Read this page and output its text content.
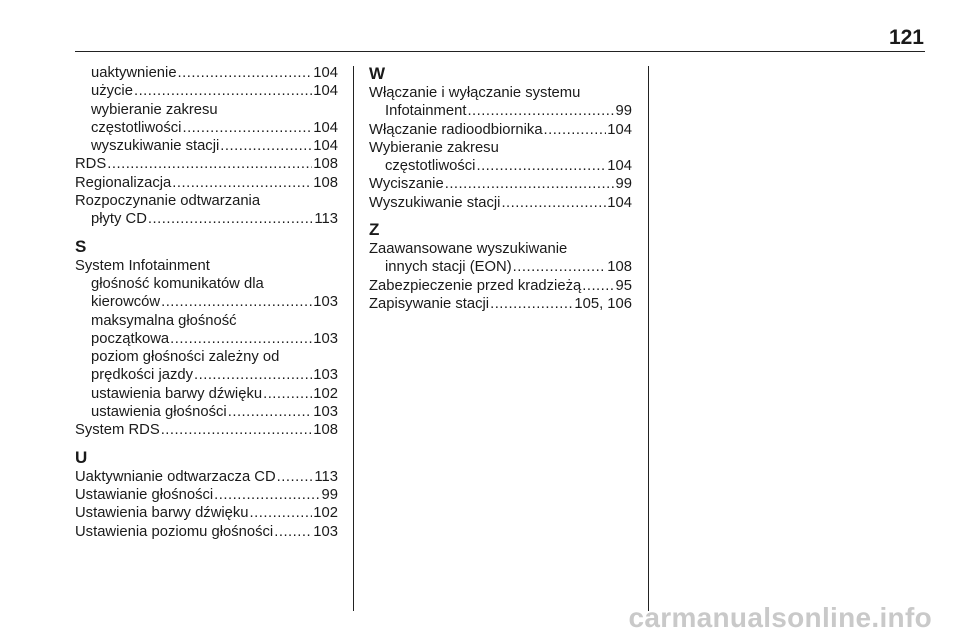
121
uaktywnienie .....	104
użycie .....	104
wybieranie zakresu
częstotliwości .....	104
wyszukiwanie stacji .....	104
RDS .....	108
Regionalizacja .....	108
Rozpoczynanie odtwarzania
płyty CD .....	113
S
System Infotainment
głośność komunikatów dla
kierowców .....	103
maksymalna głośność
początkowa .....	103
poziom głośności zależny od
prędkości jazdy .....	103
ustawienia barwy dźwięku .....	102
ustawienia głośności .....	103
System RDS .....	108
U
Uaktywnianie odtwarzacza CD .....	113
Ustawianie głośności .....	99
Ustawienia barwy dźwięku .....	102
Ustawienia poziomu głośności .....	103
W
Włączanie i wyłączanie systemu
Infotainment .....	99
Włączanie radioodbiornika .....	104
Wybieranie zakresu
częstotliwości .....	104
Wyciszanie .....	99
Wyszukiwanie stacji .....	104
Z
Zaawansowane wyszukiwanie
innych stacji (EON) .....	108
Zabezpieczenie przed kradzieżą ..... 95
Zapisywanie stacji .....	105, 106
carmanualsonline.info
